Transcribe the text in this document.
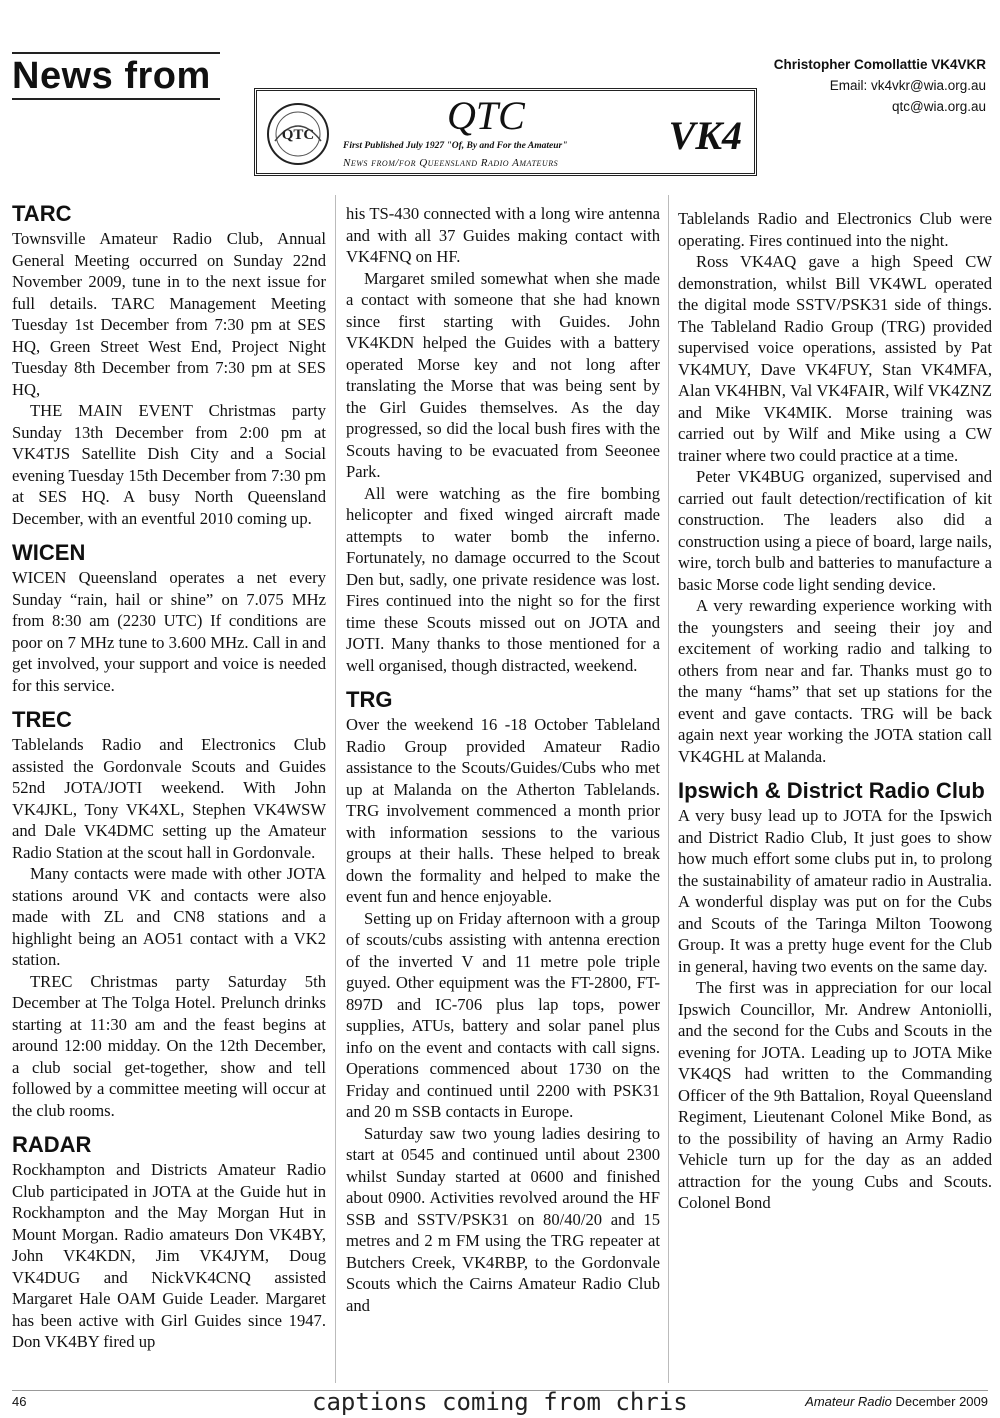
News from	Christopher Comollattie VK4VKR
Email: vk4vkr@wia.org.au
qtc@wia.org.au
QTC	QTC
First Published July 1927 "Of, By and For the Amateur"
News from/for Queensland Radio Amateurs
VK4
TARC

Townsville Amateur Radio Club, Annual General Meeting occurred on Sunday 22nd November 2009, tune in to the next issue for full details. TARC Management Meeting Tuesday 1st December from 7:30 pm at SES HQ, Green Street West End, Project Night Tuesday 8th December from 7:30 pm at SES HQ,

THE MAIN EVENT Christmas party Sunday 13th December from 2:00 pm at VK4TJS Satellite Dish City and a Social evening Tuesday 15th December from 7:30 pm at SES HQ. A busy North Queensland December, with an eventful 2010 coming up.

WICEN

WICEN Queensland operates a net every Sunday “rain, hail or shine” on 7.075 MHz from 8:30 am (2230 UTC) If conditions are poor on 7 MHz tune to 3.600 MHz. Call in and get involved, your support and voice is needed for this service.

TREC

Tablelands Radio and Electronics Club assisted the Gordonvale Scouts and Guides 52nd JOTA/JOTI weekend. With John VK4JKL, Tony VK4XL, Stephen VK4WSW and Dale VK4DMC setting up the Amateur Radio Station at the scout hall in Gordonvale.

Many contacts were made with other JOTA stations around VK and contacts were also made with ZL and CN8 stations and a highlight being an AO51 contact with a VK2 station.

TREC Christmas party Saturday 5th December at The Tolga Hotel. Prelunch drinks starting at 11:30 am and the feast begins at around 12:00 midday. On the 12th December, a club social get-together, show and tell followed by a committee meeting will occur at the club rooms.

RADAR

Rockhampton and Districts Amateur Radio Club participated in JOTA at the Guide hut in Rockhampton and the May Morgan Hut in Mount Morgan. Radio amateurs Don VK4BY, John VK4KDN, Jim VK4JYM, Doug VK4DUG and NickVK4CNQ assisted Margaret Hale OAM Guide Leader. Margaret has been active with Girl Guides since 1947. Don VK4BY fired up

his TS-430 connected with a long wire antenna and with all 37 Guides making contact with VK4FNQ on HF.

Margaret smiled somewhat when she made a contact with someone that she had known since first starting with Guides. John VK4KDN helped the Guides with a battery operated Morse key and not long after translating the Morse that was being sent by the Girl Guides themselves. As the day progressed, so did the local bush fires with the Scouts having to be evacuated from Seeonee Park.

All were watching as the fire bombing helicopter and fixed winged aircraft made attempts to water bomb the inferno. Fortunately, no damage occurred to the Scout Den but, sadly, one private residence was lost. Fires continued into the night so for the first time these Scouts missed out on JOTA and JOTI. Many thanks to those mentioned for a well organised, though distracted, weekend.

TRG

Over the weekend 16 -18 October Tableland Radio Group provided Amateur Radio assistance to the Scouts/Guides/Cubs who met up at Malanda on the Atherton Tablelands. TRG involvement commenced a month prior with information sessions to the various groups at their halls. These helped to break down the formality and helped to make the event fun and hence enjoyable.

Setting up on Friday afternoon with a group of scouts/cubs assisting with antenna erection of the inverted V and 11 metre pole triple guyed. Other equipment was the FT-2800, FT-897D and IC-706 plus lap tops, power supplies, ATUs, battery and solar panel plus info on the event and contacts with call signs. Operations commenced about 1730 on the Friday and continued until 2200 with PSK31 and 20 m SSB contacts in Europe.

Saturday saw two young ladies desiring to start at 0545 and continued until about 2300 whilst Sunday started at 0600 and finished about 0900. Activities revolved around the HF SSB and SSTV/PSK31 on 80/40/20 and 15 metres and 2 m FM using the TRG repeater at Butchers Creek, VK4RBP, to the Gordonvale Scouts which the Cairns Amateur Radio Club and

Tablelands Radio and Electronics Club were operating. Fires continued into the night.

Ross VK4AQ gave a high Speed CW demonstration, whilst Bill VK4WL operated the digital mode SSTV/PSK31 side of things. The Tableland Radio Group (TRG) provided supervised voice operations, assisted by Pat VK4MUY, Dave VK4FUY, Stan VK4MFA, Alan VK4HBN, Val VK4FAIR, Wilf VK4ZNZ and Mike VK4MIK. Morse training was carried out by Wilf and Mike using a CW trainer where two could practice at a time.

Peter VK4BUG organized, supervised and carried out fault detection/rectification of kit construction. The leaders also did a construction using a piece of board, large nails, wire, torch bulb and batteries to manufacture a basic Morse code light sending device.

A very rewarding experience working with the youngsters and seeing their joy and excitement of working radio and talking to others from near and far. Thanks must go to the many “hams” that set up stations for the event and gave contacts. TRG will be back again next year working the JOTA station call VK4GHL at Malanda.

Ipswich & District Radio Club

A very busy lead up to JOTA for the Ipswich and District Radio Club, It just goes to show how much effort some clubs put in, to prolong the sustainability of amateur radio in Australia. A wonderful display was put on for the Cubs and Scouts of the Taringa Milton Toowong Group. It was a pretty huge event for the Club in general, having two events on the same day.

The first was in appreciation for our local Ipswich Councillor, Mr. Andrew Antoniolli, and the second for the Cubs and Scouts in the evening for JOTA. Leading up to JOTA Mike VK4QS had written to the Commanding Officer of the 9th Battalion, Royal Queensland Regiment, Lieutenant Colonel Mike Bond, as to the possibility of having an Army Radio Vehicle turn up for the day as an added attraction for the young Cubs and Scouts. Colonel Bond

46	captions coming from chris	Amateur Radio December 2009
